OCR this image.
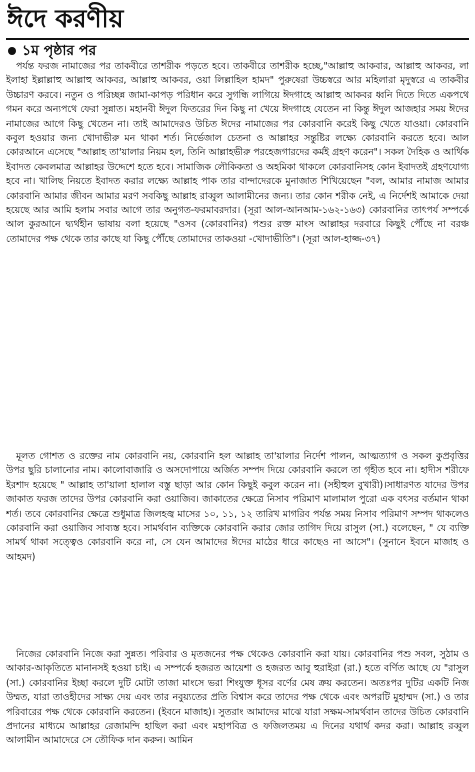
ঈদে করণীয়
১ম পৃষ্ঠার পর

পর্যন্ত ফরজ নামাজের পর তাকবীরে তাশরীক পড়তে হবে। তাকবীরে তাশরীক হচ্ছে,"আল্লাহু আকবার, আল্লাহু আকবর, লা ইলাহা ইল্লাল্লাহু আল্লাহু আকবর, আল্লাহু আকবর, ওয়া লিল্লাহিল হামদ" পুরুষেরা উচ্চস্বরে আর মহিলারা মৃদুস্বরে এ তাকবীর উচ্চারণ করবে। নতুন ও পরিচ্ছন্ন জামা-কাপড় পরিধান করে সুগন্ধি লাগিয়ে ঈদগাহে আল্লাহু আকবর ধ্বনি দিতে দিতে একপথে গমন করে অন্যপথে ফেরা সুন্নাত। মহানবী ঈদুল ফিতরের দিন কিছু না খেয়ে ঈদগাহে যেতেন না কিন্তু ঈদুল আজহার সময় ঈদের নামাজের আগে কিছু খেতেন না। তাই আমাদেরও উচিত ঈদের নামাজের পর কোরবানি করেই কিছু খেতে যাওয়া। কোরবানি কবুল হওয়ার জন্য খোদাভীরু মন থাকা শর্ত। নির্ভেজাল চেতনা ও আল্লাহর সন্তুষ্টির লক্ষ্যে কোরবানি করতে হবে। আল কোরআনে এসেছে "আল্লাহ তা'য়ালার নিয়ম হল, তিনি আল্লাহভীরু পরহেজগারদের কর্মই গ্রহণ করেন"। সকল দৈহিক ও আর্থিক ইবাদত কেবলমাত্র আল্লাহর উদ্দেশে হতে হবে। সামাজিক লৌকিকতা ও অহমিকা থাকলে কোরবানিসহ কোন ইবাদতই গ্রহণযোগ্য হবে না। খালিছ নিয়তে ইবাদত করার লক্ষ্যে আল্লাহ পাক তার বান্দাদেরকে মুনাজাত শিখিয়েছেন "বল, আমার নামাজ আমার কোরবানি আমার জীবন আমার মরণ সবকিছু আল্লাহ রাব্বুল আলামীনের জন্য। তার কোন শরীক নেই, এ নির্দেশই আমাকে দেয়া হয়েছে আর আমি হলাম সবার আগে তার অনুগত-ফরমাবরদার। (সূরা আল-আনআম-১৬২-১৬৩) কোরবানির তাৎপর্য সম্পর্কে আল কুরআনে দ্ব্যর্থহীন ভাষায় বলা হয়েছে "ওসব (কোরবানির) পশুর রক্ত মাংস আল্লাহর দরবারে কিছুই পৌঁছে না বরঞ্চ তোমাদের পক্ষ থেকে তার কাছে যা কিছু পৌঁছে তোমাদের তাকওয়া -খোদাভীতি"। (সূরা আল-হাজ্জ-৩৭)

মূলত গোশত ও রক্তের নাম কোরবানি নয়, কোরবানি হল আল্লাহ তা'য়ালার নির্দেশ পালন, আত্মত্যাগ ও সকল কুপ্রবৃত্তির উপর ছুরি চালানোর নাম। কালোবাজারি ও অসদোপায়ে অর্জিত সম্পদ দিয়ে কোরবানি করলে তা গৃহীত হবে না। হাদীস শরীফে ইরশাদ হয়েছে " আল্লাহ তা'য়ালা হালাল বস্তু ছাড়া আর কোন কিছুই কবুল করেন না। (সহীহুল বুখারী)।সাধারণত যাদের উপর জাকাত ফরজ তাদের উপর কোরবানি করা ওয়াজিব। জাকাতের ক্ষেত্রে নিসাব পরিমাণ মালামাল পুরো এক বৎসর বর্তমান থাকা শর্ত। তবে কোরবানির ক্ষেত্রে শুধুমাত্র জিলহজ্ব মাসের ১০, ১১, ১২ তারিখ মাগরিব পর্যন্ত সময় নিসাব পরিমাণ সম্পদ থাকলেও কোরবানি করা ওয়াজিব সাব্যস্ত হবে। সামর্থবান ব্যক্তিকে কোরবানি করার জোর তাগিদ দিয়ে রাসুল (সা.) বলেছেন, " যে ব্যক্তি সামর্থ থাকা সত্ত্বেও কোরবানি করে না, সে যেন আমাদের ঈদের মাঠের ধারে কাছেও না আসে"। (সুনানে ইবনে মাজাহ ও আহমদ)

নিজের কোরবানি নিজে করা সুন্নত। পরিবার ও মৃতজনের পক্ষ থেকেও কোরবানি করা যায়। কোরবানির পশু সবল, সুঠাম ও আকার-আকৃতিতে মানানসই হওয়া চাই। এ সম্পর্কে হজরত আয়েশা ও হজরত আবু হুরাইরা (রা.) হতে বর্ণিত আছে যে "রাসুল (সা.) কোরবানির ইচ্ছা করলে দুটি মোটা তাজা মাংসে ভরা শিংযুক্ত ধূসর বর্ণের মেষ ক্রয় করতেন। অতঃপর দুটির একটি নিজ উম্মত, যারা তাওহীদের সাক্ষ্য দেয় এবং তার নবুয়্যতের প্রতি বিশ্বাস করে তাদের পক্ষ থেকে এবং অপরটি মুহাম্মদ (সা.) ও তার পরিবারের পক্ষ থেকে কোরবানি করতেন। (ইবনে মাজাহ)। সুতরাং আমাদের মাঝে যারা সক্ষম-সামর্থবান তাদের উচিত কোরবানি প্রদানের মাধ্যমে আল্লাহর রেজামন্দি হাছিল করা এবং মহাপবিত্র ও ফজিলতময় এ দিনের যথার্থ কদর করা। আল্লাহ রব্বুল আলামীন আমাদেরে সে তৌফিক দান করুন। আমিন
